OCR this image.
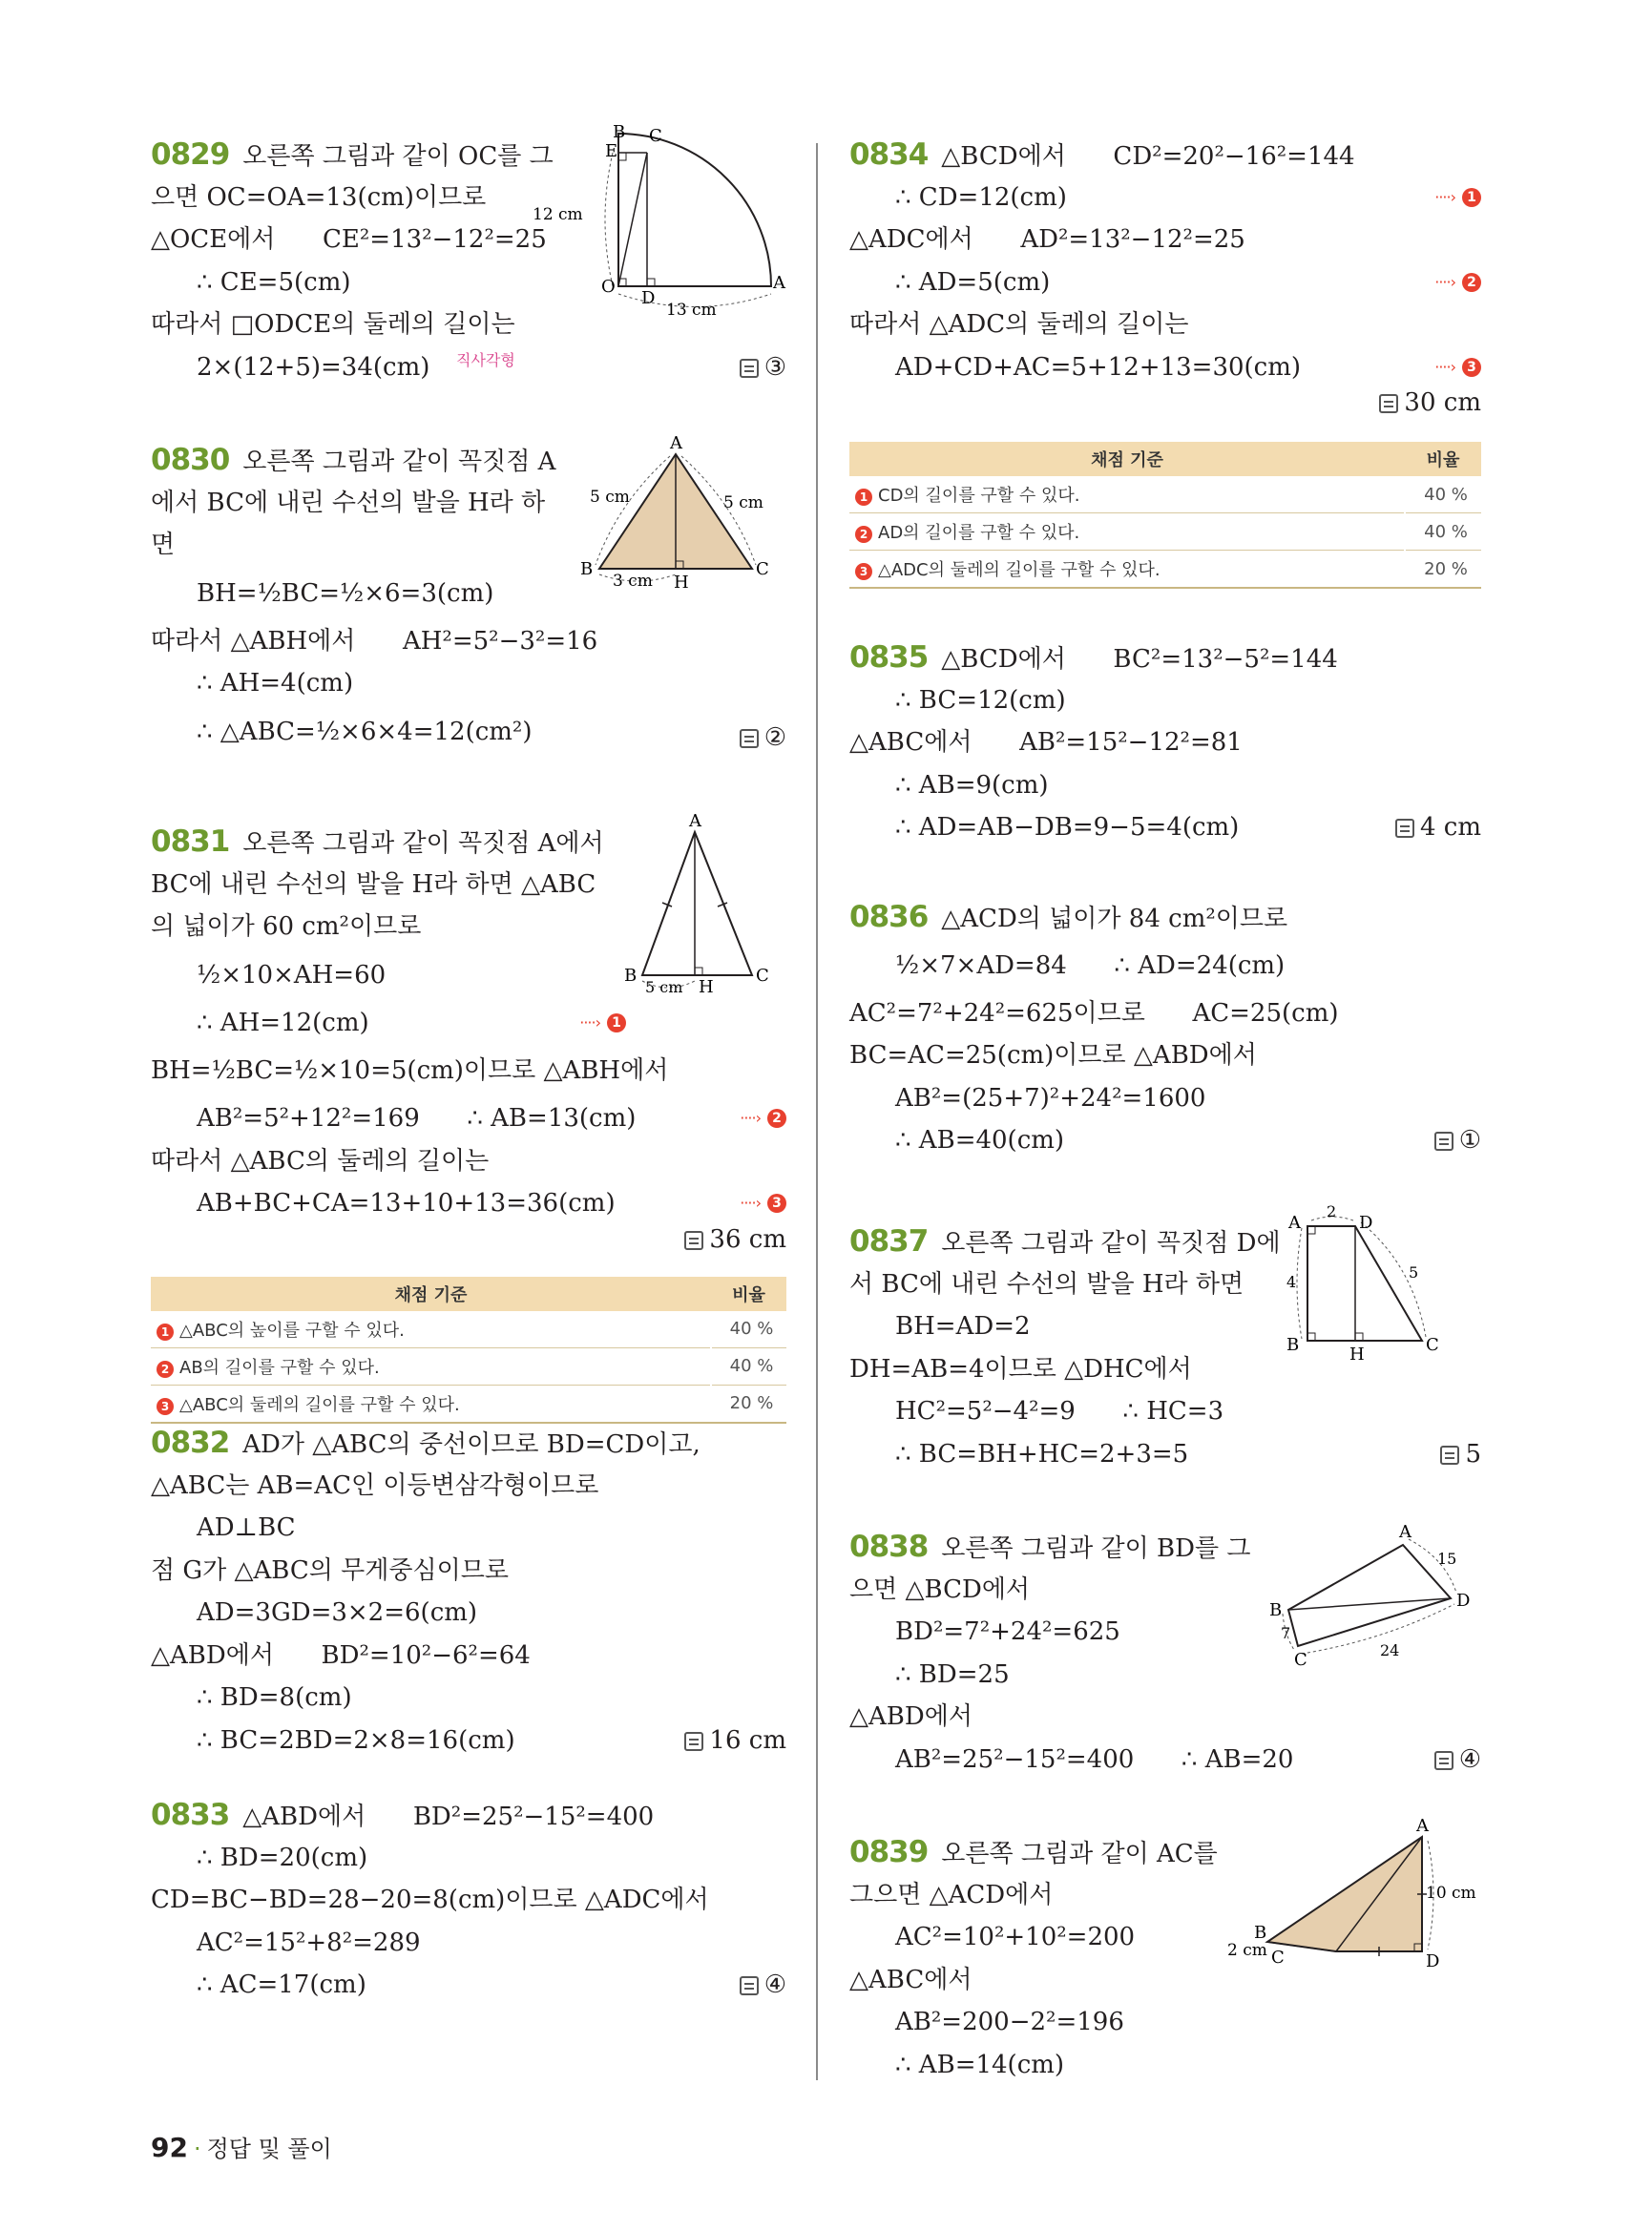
0829 오른쪽 그림과 같이 OC를 그
으면 OC=OA=13(cm)이므로
△OCE에서      CE²=13²−12²=25
∴ CE=5(cm)
따라서 □ODCE의 둘레의 길이는
2×(12+5)=34(cm)
	③

직사각형
B C
E
O
D
A
12 cm
13 cm
0830 오른쪽 그림과 같이 꼭짓점 A
에서 BC에 내린 수선의 발을 H라 하
면
BH=½BC=½×6=3(cm)
따라서 △ABH에서      AH²=5²−3²=16
∴ AH=4(cm)
∴ △ABC=½×6×4=12(cm²)
	②

A
B	C
H
5 cm	5 cm
3 cm
0831 오른쪽 그림과 같이 꼭짓점 A에서
BC에 내린 수선의 발을 H라 하면 △ABC
의 넓이가 60 cm²이므로
½×10×AH=60
∴ AH=12(cm)
	····› 1
BH=½BC=½×10=5(cm)이므로 △ABH에서
AB²=5²+12²=169      ∴ AB=13(cm)
	····› 2
따라서 △ABC의 둘레의 길이는
AB+BC+CA=13+10+13=36(cm)
	····› 3
36 cm
채점 기준	비율
1 △ABC의 높이를 구할 수 있다.	40 %
2 AB의 길이를 구할 수 있다.	40 %
3 △ABC의 둘레의 길이를 구할 수 있다.	20 %
A
B	C
H
5 cm
0832 AD가 △ABC의 중선이므로 BD=CD이고,
△ABC는 AB=AC인 이등변삼각형이므로
AD⊥BC
점 G가 △ABC의 무게중심이므로
AD=3GD=3×2=6(cm)
△ABD에서      BD²=10²−6²=64
∴ BD=8(cm)
∴ BC=2BD=2×8=16(cm)
	16 cm
0833 △ABD에서      BD²=25²−15²=400
∴ BD=20(cm)
CD=BC−BD=28−20=8(cm)이므로 △ADC에서
AC²=15²+8²=289
∴ AC=17(cm)
	④
0834 △BCD에서      CD²=20²−16²=144
∴ CD=12(cm)
	····› 1
△ADC에서      AD²=13²−12²=25
∴ AD=5(cm)
	····› 2
따라서 △ADC의 둘레의 길이는
AD+CD+AC=5+12+13=30(cm)
	····› 3
30 cm
채점 기준	비율
1 CD의 길이를 구할 수 있다.	40 %
2 AD의 길이를 구할 수 있다.	40 %
3 △ADC의 둘레의 길이를 구할 수 있다.	20 %
0835 △BCD에서      BC²=13²−5²=144
∴ BC=12(cm)
△ABC에서      AB²=15²−12²=81
∴ AB=9(cm)
∴ AD=AB−DB=9−5=4(cm)
	4 cm
0836 △ACD의 넓이가 84 cm²이므로
½×7×AD=84      ∴ AD=24(cm)
AC²=7²+24²=625이므로      AC=25(cm)
BC=AC=25(cm)이므로 △ABD에서
AB²=(25+7)²+24²=1600
∴ AB=40(cm)
	①
0837 오른쪽 그림과 같이 꼭짓점 D에
서 BC에 내린 수선의 발을 H라 하면
BH=AD=2
DH=AB=4이므로 △DHC에서
HC²=5²−4²=9      ∴ HC=3
∴ BC=BH+HC=2+3=5
	5
A	D
B	C
H
2
4
5
0838 오른쪽 그림과 같이 BD를 그
으면 △BCD에서
BD²=7²+24²=625
∴ BD=25
△ABD에서
AB²=25²−15²=400      ∴ AB=20
	④
A
B
C
D
15
7
24
0839 오른쪽 그림과 같이 AC를
그으면 △ACD에서
AC²=10²+10²=200
△ABC에서
AB²=200−2²=196
∴ AB=14(cm)
A
B
C	D
10 cm
2 cm
92 · 정답 및 풀이
